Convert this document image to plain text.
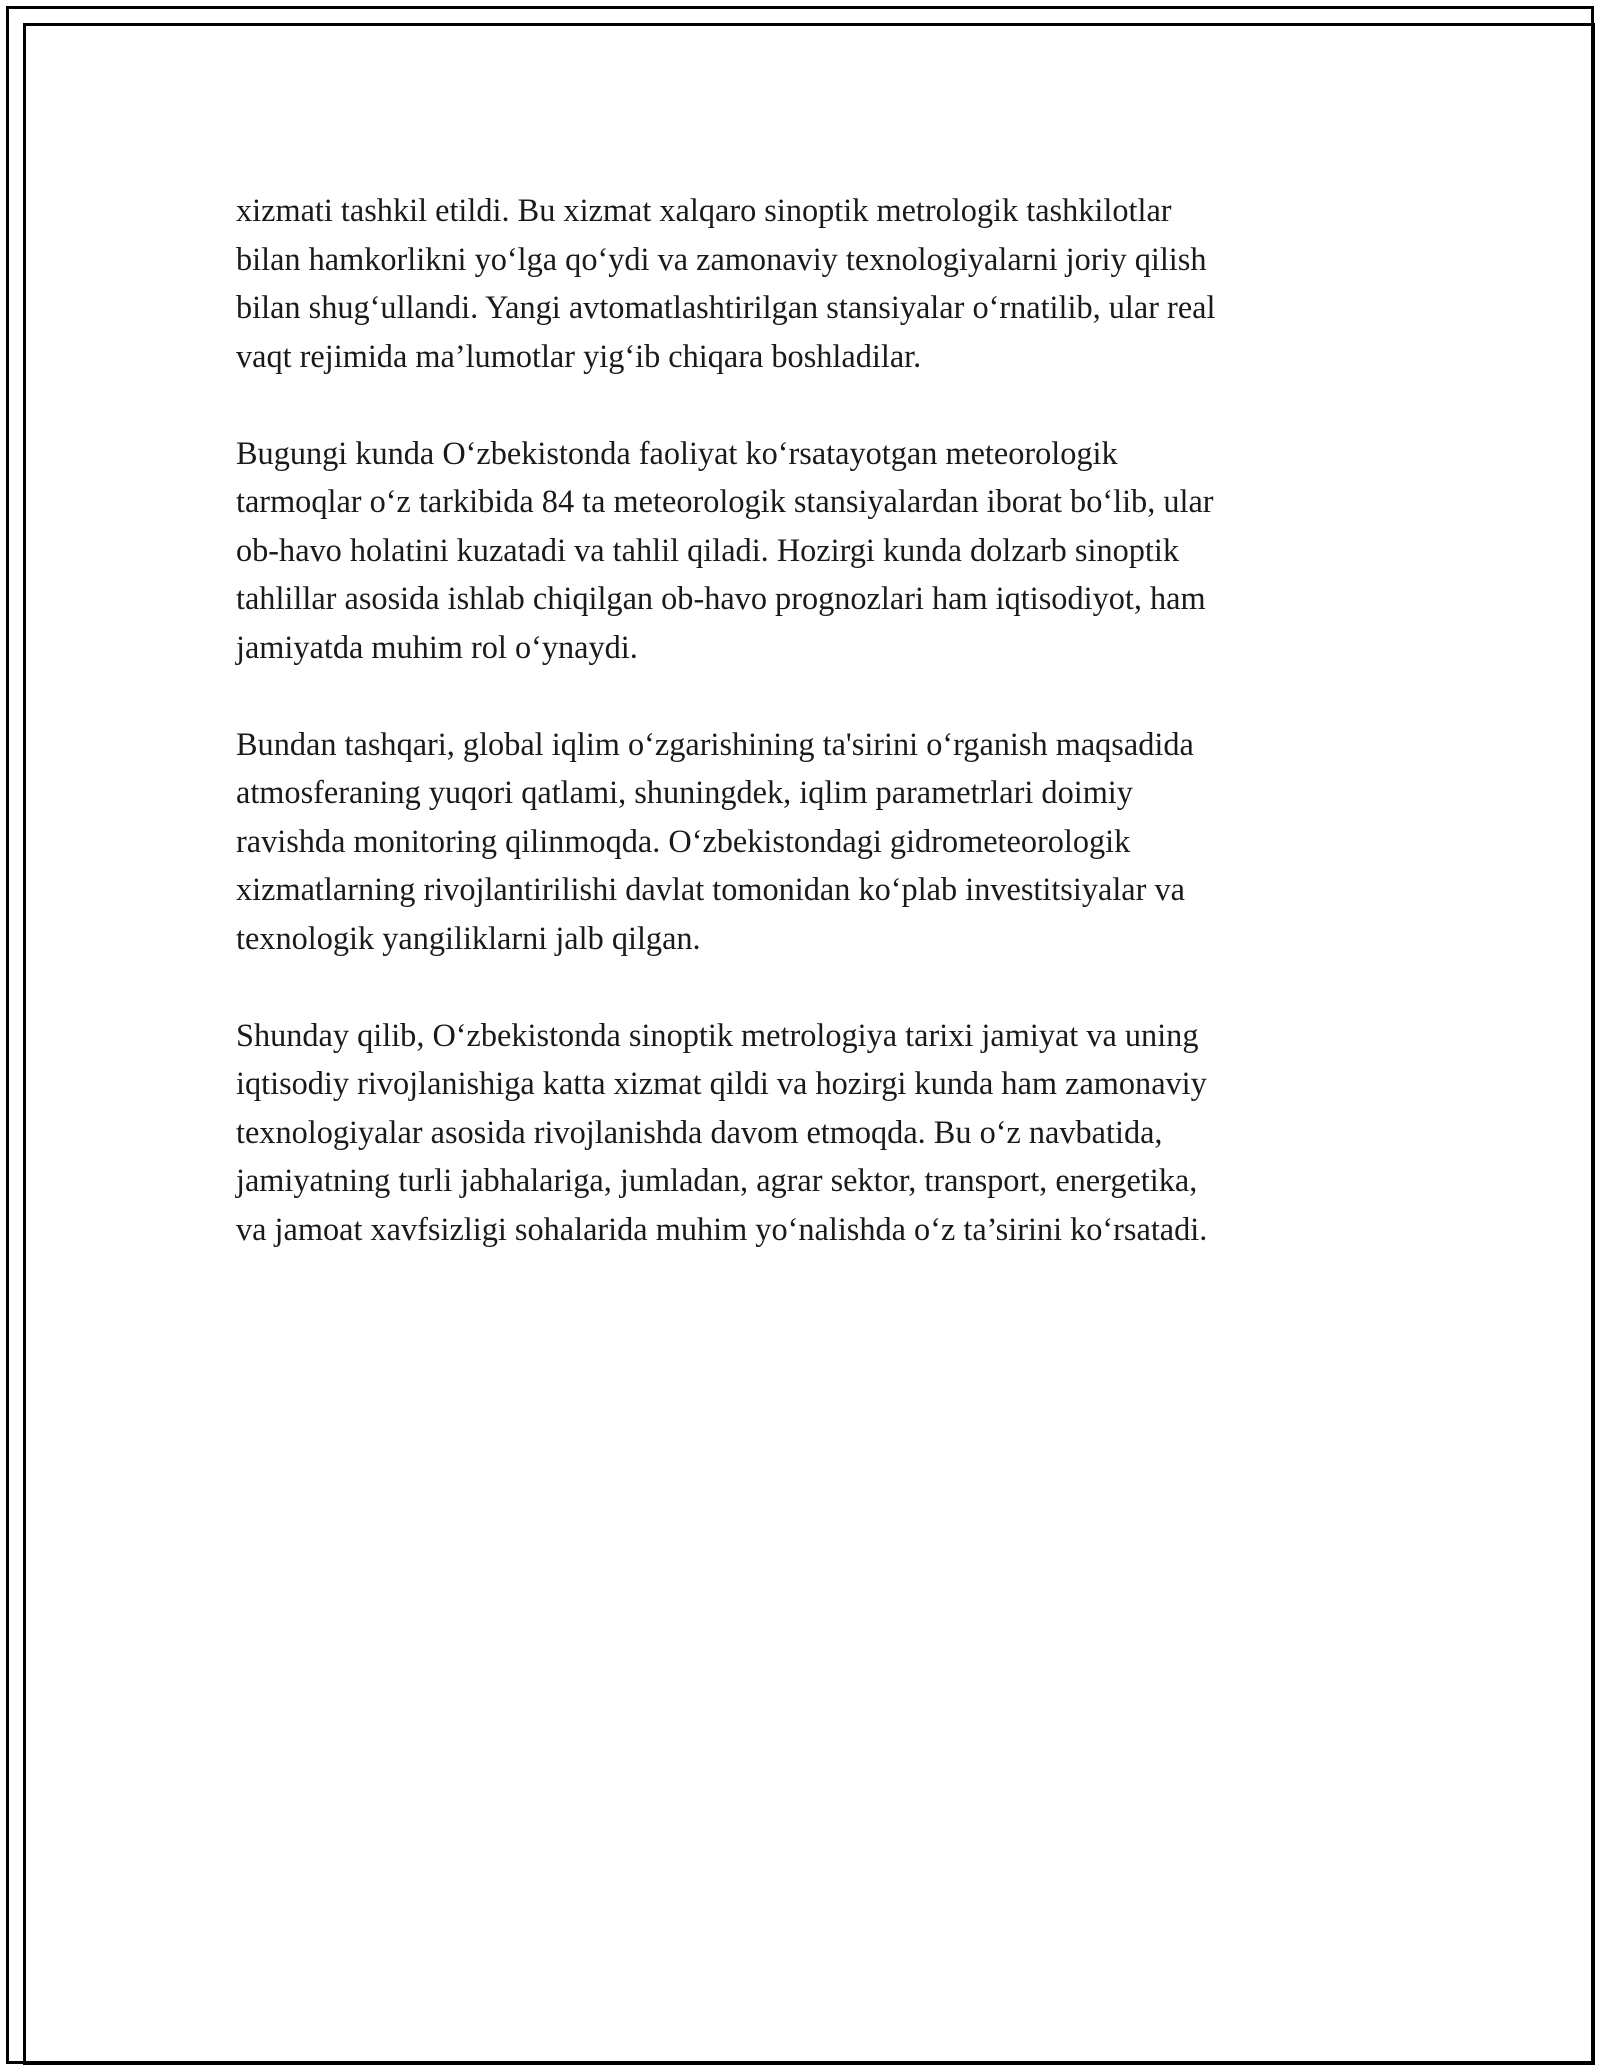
xizmati tashkil etildi. Bu xizmat xalqaro sinoptik metrologik tashkilotlar
bilan hamkorlikni yo‘lga qo‘ydi va zamonaviy texnologiyalarni joriy qilish
bilan shug‘ullandi. Yangi avtomatlashtirilgan stansiyalar o‘rnatilib, ular real
vaqt rejimida ma’lumotlar yig‘ib chiqara boshladilar.

Bugungi kunda O‘zbekistonda faoliyat ko‘rsatayotgan meteorologik
tarmoqlar o‘z tarkibida 84 ta meteorologik stansiyalardan iborat bo‘lib, ular
ob-havo holatini kuzatadi va tahlil qiladi. Hozirgi kunda dolzarb sinoptik
tahlillar asosida ishlab chiqilgan ob-havo prognozlari ham iqtisodiyot, ham
jamiyatda muhim rol o‘ynaydi.

Bundan tashqari, global iqlim o‘zgarishining ta'sirini o‘rganish maqsadida
atmosferaning yuqori qatlami, shuningdek, iqlim parametrlari doimiy
ravishda monitoring qilinmoqda. O‘zbekistondagi gidrometeorologik
xizmatlarning rivojlantirilishi davlat tomonidan ko‘plab investitsiyalar va
texnologik yangiliklarni jalb qilgan.

Shunday qilib, O‘zbekistonda sinoptik metrologiya tarixi jamiyat va uning
iqtisodiy rivojlanishiga katta xizmat qildi va hozirgi kunda ham zamonaviy
texnologiyalar asosida rivojlanishda davom etmoqda. Bu o‘z navbatida,
jamiyatning turli jabhalariga, jumladan, agrar sektor, transport, energetika,
va jamoat xavfsizligi sohalarida muhim yo‘nalishda o‘z ta’sirini ko‘rsatadi.
